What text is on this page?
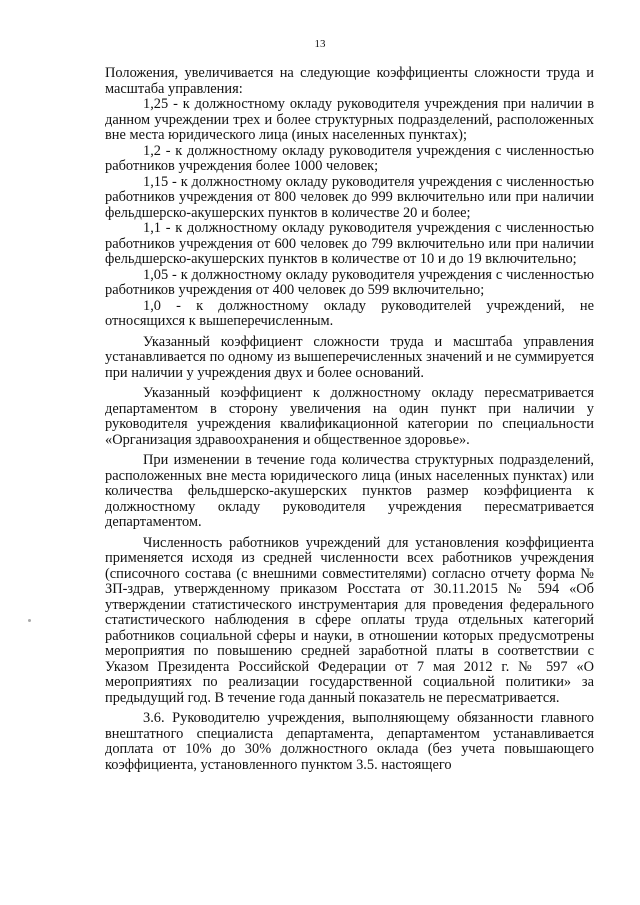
13

Положения, увеличивается на следующие коэффициенты сложности труда и масштаба управления:

1,25 - к должностному окладу руководителя учреждения при наличии в данном учреждении трех и более структурных подразделений, расположенных вне места юридического лица (иных населенных пунктах);

1,2 - к должностному окладу руководителя учреждения с численностью работников учреждения более 1000 человек;

1,15 - к должностному окладу руководителя учреждения с численностью работников учреждения от 800 человек до 999 включительно или при наличии фельдшерско-акушерских пунктов в количестве 20 и более;

1,1 - к должностному окладу руководителя учреждения с численностью работников учреждения от 600 человек до 799 включительно или при наличии фельдшерско-акушерских пунктов в количестве от 10 и до 19 включительно;

1,05 - к должностному окладу руководителя учреждения с численностью работников учреждения от 400 человек до 599 включительно;

1,0 - к должностному окладу руководителей учреждений, не относящихся к вышеперечисленным.

Указанный коэффициент сложности труда и масштаба управления устанавливается по одному из вышеперечисленных значений и не суммируется при наличии у учреждения двух и более оснований.

Указанный коэффициент к должностному окладу пересматривается департаментом в сторону увеличения на один пункт при наличии у руководителя учреждения квалификационной категории по специальности «Организация здравоохранения и общественное здоровье».

При изменении в течение года количества структурных подразделений, расположенных вне места юридического лица (иных населенных пунктах) или количества фельдшерско-акушерских пунктов размер коэффициента к должностному окладу руководителя учреждения пересматривается департаментом.

Численность работников учреждений для установления коэффициента применяется исходя из средней численности всех работников учреждения (списочного состава (с внешними совместителями) согласно отчету форма № ЗП-здрав, утвержденному приказом Росстата от 30.11.2015 № 594 «Об утверждении статистического инструментария для проведения федерального статистического наблюдения в сфере оплаты труда отдельных категорий работников социальной сферы и науки, в отношении которых предусмотрены мероприятия по повышению средней заработной платы в соответствии с Указом Президента Российской Федерации от 7 мая 2012 г. № 597 «О мероприятиях по реализации государственной социальной политики» за предыдущий год. В течение года данный показатель не пересматривается.

3.6. Руководителю учреждения, выполняющему обязанности главного внештатного специалиста департамента, департаментом устанавливается доплата от 10% до 30% должностного оклада (без учета повышающего коэффициента, установленного пунктом 3.5. настоящего
